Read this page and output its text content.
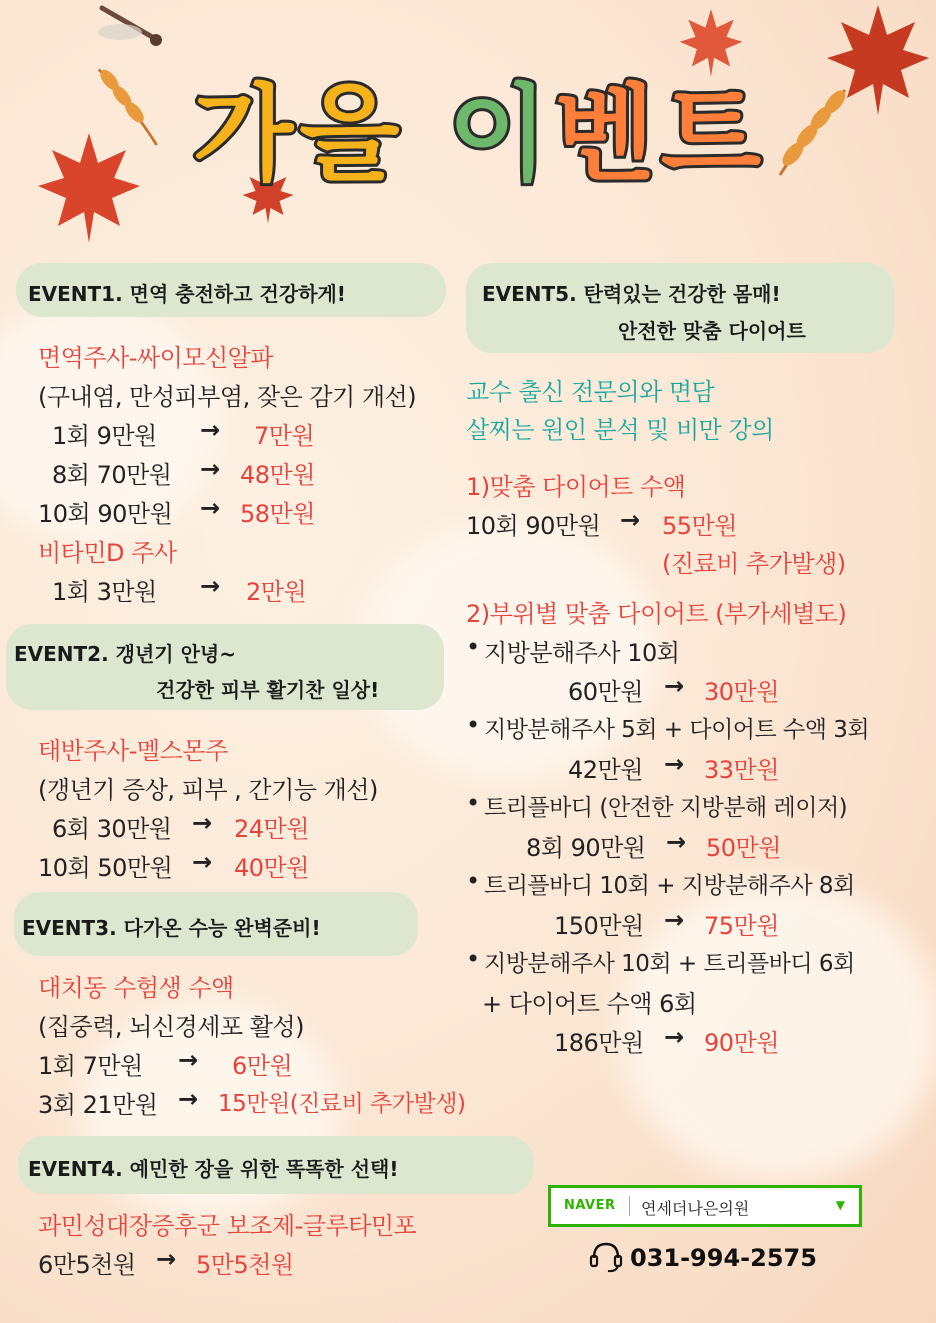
가을 이벤트
EVENT1. 면역 충전하고 건강하게!
면역주사-싸이모신알파
(구내염, 만성피부염, 잦은 감기 개선)
1회 9만원 → 7만원
8회 70만원 → 48만원
10회 90만원 → 58만원
비타민D 주사
1회 3만원 → 2만원
EVENT2. 갱년기 안녕~
건강한 피부 활기찬 일상!
태반주사-멜스몬주
(갱년기 증상, 피부 , 간기능 개선)
6회 30만원 → 24만원
10회 50만원 → 40만원
EVENT3. 다가온 수능 완벽준비!
대치동 수험생 수액
(집중력, 뇌신경세포 활성)
1회 7만원 → 6만원
3회 21만원 → 15만원(진료비 추가발생)
EVENT4. 예민한 장을 위한 똑똑한 선택!
과민성대장증후군 보조제-글루타민포
6만5천원 → 5만5천원
EVENT5. 탄력있는 건강한 몸매!
안전한 맞춤 다이어트
교수 출신 전문의와 면담
살찌는 원인 분석 및 비만 강의
1)맞춤 다이어트 수액
10회 90만원 → 55만원
(진료비 추가발생)
2)부위별 맞춤 다이어트 (부가세별도)
• 지방분해주사 10회
60만원 → 30만원
• 지방분해주사 5회 + 다이어트 수액 3회
42만원 → 33만원
• 트리플바디 (안전한 지방분해 레이저)
8회 90만원 → 50만원
• 트리플바디 10회 + 지방분해주사 8회
150만원 → 75만원
• 지방분해주사 10회 + 트리플바디 6회
+ 다이어트 수액 6회
186만원 → 90만원
NAVER 연세더나은의원	▼
031-994-2575
